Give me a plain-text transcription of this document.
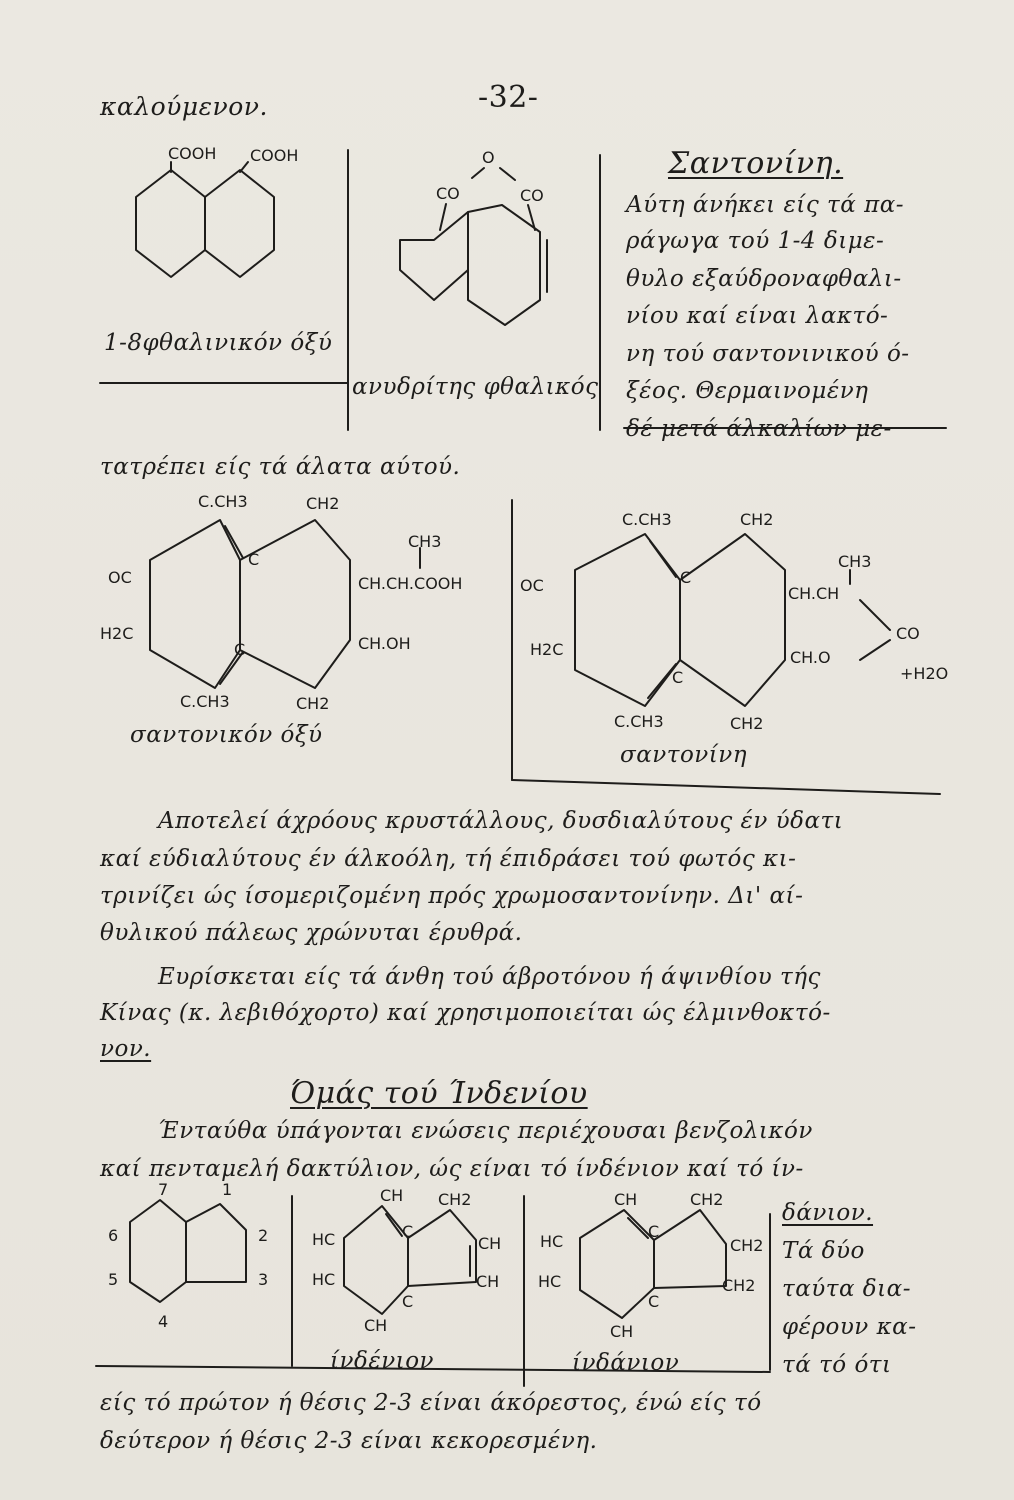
καλούμενον.	-32-
COOH COOH
1-8φθαλινικόν όξύ
O
CO	CO
ανυδρίτης φθαλικός
Σαντονίνη.
Αύτη άνήκει είς τά πα-
ράγωγα τού 1-4 διμε-
θυλο εξαύδροναφθαλι-
νίου καί είναι λακτό-
νη τού σαντονινικού ό-
ξέος. Θερμαινομένη
δέ μετά άλκαλίων με-
τατρέπει είς τά άλατα αύτού.
C.CH3	CH2
OC
H2C
CH3
CH.CH.COOH
CH.OH
C
C
C.CH3	CH2
σαντονικόν όξύ
C.CH3	CH2
OC
H2C
CH3
CH.CH
CO
CH.O
+H2O
C
C
C.CH3	CH2
σαντονίνη
Αποτελεί άχρόους κρυστάλλους, δυσδιαλύτους έν ύδατι
καί εύδιαλύτους έν άλκοόλη, τή έπιδράσει τού φωτός κι-
τρινίζει ώς ίσομεριζομένη πρός χρωμοσαντονίνην. Δι' αί-
θυλικού πάλεως χρώνυται έρυθρά.
Ευρίσκεται είς τά άνθη τού άβροτόνου ή άψινθίου τής
Κίνας (κ. λεβιθόχορτο) καί χρησιμοποιείται ώς έλμινθοκτό-
νον.
Όμάς τού Ίνδενίου
Ένταύθα ύπάγονται ενώσεις περιέχουσαι βενζολικόν
καί πενταμελή δακτύλιον, ώς είναι τό ίνδένιον καί τό ίν-
7	1
6	2
5	3
4
CH CH2
HC	CH
HC	CH
C
C
CH
ίνδένιον
CH	CH2
HC	CH2
HC	CH2
C
C
CH
ίνδάνιον
δάνιον.
Τά δύο
ταύτα δια-
φέρουν κα-
τά τό ότι
είς τό πρώτον ή θέσις 2-3 είναι άκόρεστος, ένώ είς τό
δεύτερον ή θέσις 2-3 είναι κεκορεσμένη.
